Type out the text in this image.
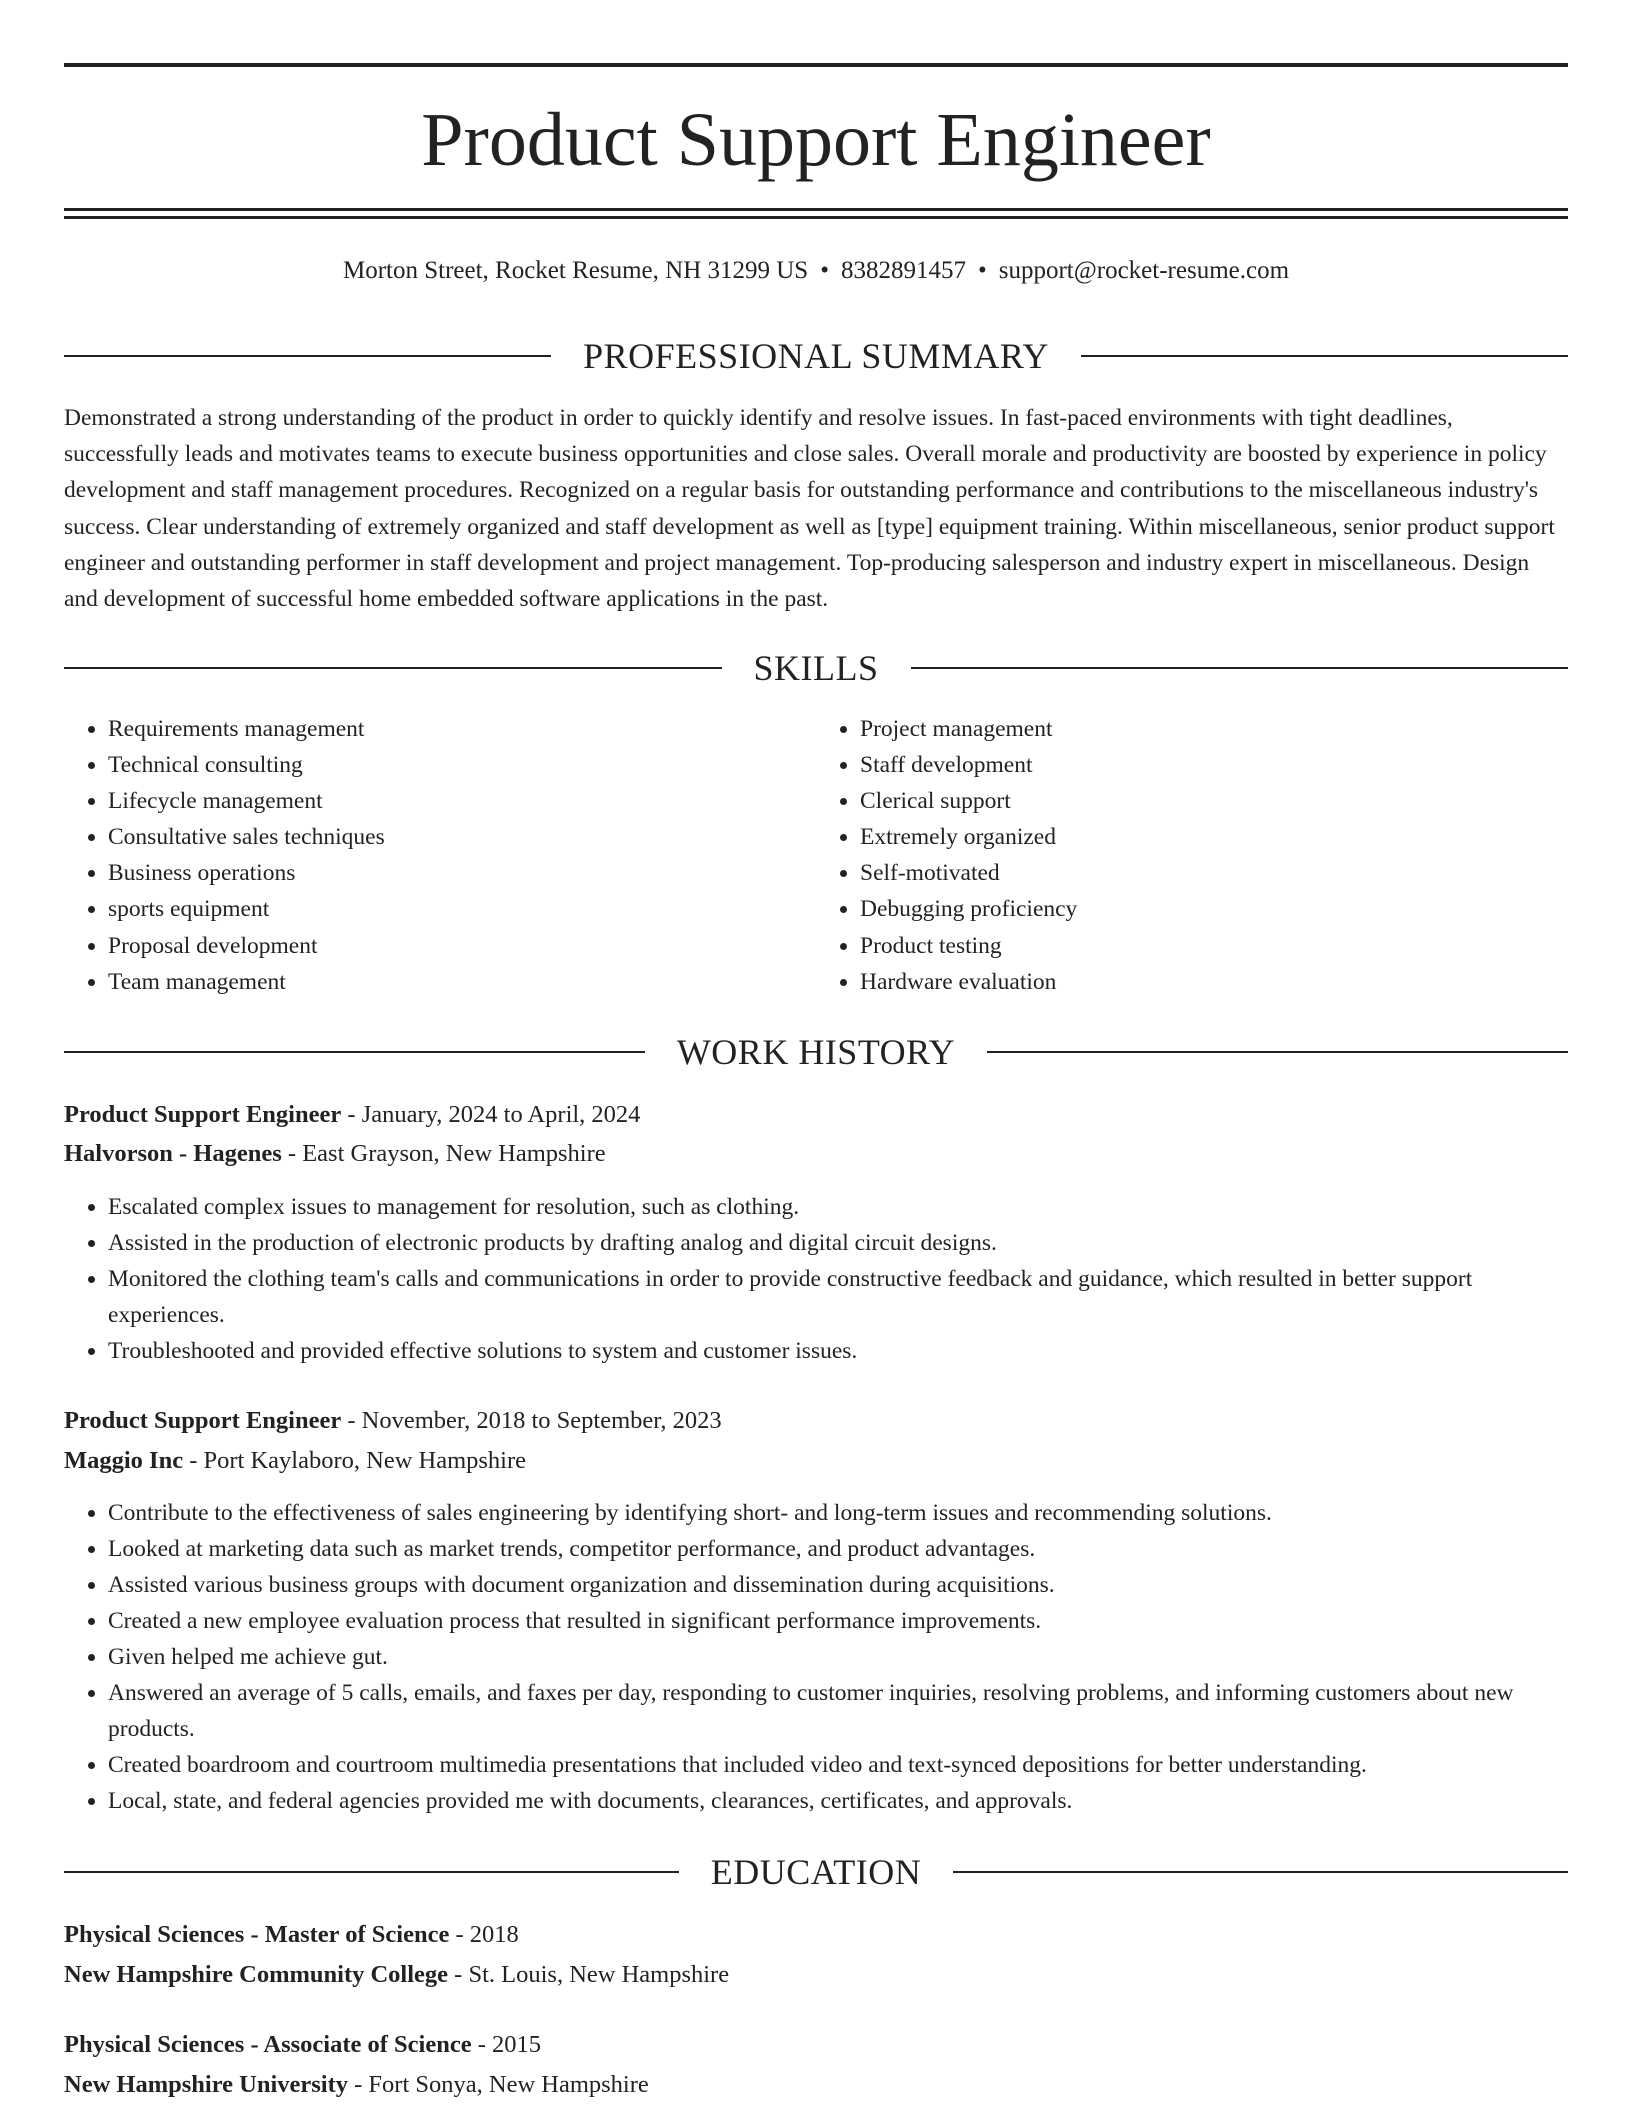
Product Support Engineer
Morton Street, Rocket Resume, NH 31299 US • 8382891457 • support@rocket-resume.com
PROFESSIONAL SUMMARY

Demonstrated a strong understanding of the product in order to quickly identify and resolve issues. In fast-paced environments with tight deadlines, successfully leads and motivates teams to execute business opportunities and close sales. Overall morale and productivity are boosted by experience in policy development and staff management procedures. Recognized on a regular basis for outstanding performance and contributions to the miscellaneous industry's success. Clear understanding of extremely organized and staff development as well as [type] equipment training. Within miscellaneous, senior product support engineer and outstanding performer in staff development and project management. Top-producing salesperson and industry expert in miscellaneous. Design and development of successful home embedded software applications in the past.

SKILLS
• Requirements management
• Technical consulting
• Lifecycle management
• Consultative sales techniques
• Business operations
• sports equipment
• Proposal development
• Team management
• Project management
• Staff development
• Clerical support
• Extremely organized
• Self-motivated
• Debugging proficiency
• Product testing
• Hardware evaluation
WORK HISTORY
Product Support Engineer - January, 2024 to April, 2024
Halvorson - Hagenes - East Grayson, New Hampshire
• Escalated complex issues to management for resolution, such as clothing.
• Assisted in the production of electronic products by drafting analog and digital circuit designs.
• Monitored the clothing team's calls and communications in order to provide constructive feedback and guidance, which resulted in better support experiences.
• Troubleshooted and provided effective solutions to system and customer issues.
Product Support Engineer - November, 2018 to September, 2023
Maggio Inc - Port Kaylaboro, New Hampshire
• Contribute to the effectiveness of sales engineering by identifying short- and long-term issues and recommending solutions.
• Looked at marketing data such as market trends, competitor performance, and product advantages.
• Assisted various business groups with document organization and dissemination during acquisitions.
• Created a new employee evaluation process that resulted in significant performance improvements.
• Given helped me achieve gut.
• Answered an average of 5 calls, emails, and faxes per day, responding to customer inquiries, resolving problems, and informing customers about new products.
• Created boardroom and courtroom multimedia presentations that included video and text-synced depositions for better understanding.
• Local, state, and federal agencies provided me with documents, clearances, certificates, and approvals.
EDUCATION
Physical Sciences - Master of Science - 2018
New Hampshire Community College - St. Louis, New Hampshire
Physical Sciences - Associate of Science - 2015
New Hampshire University - Fort Sonya, New Hampshire
